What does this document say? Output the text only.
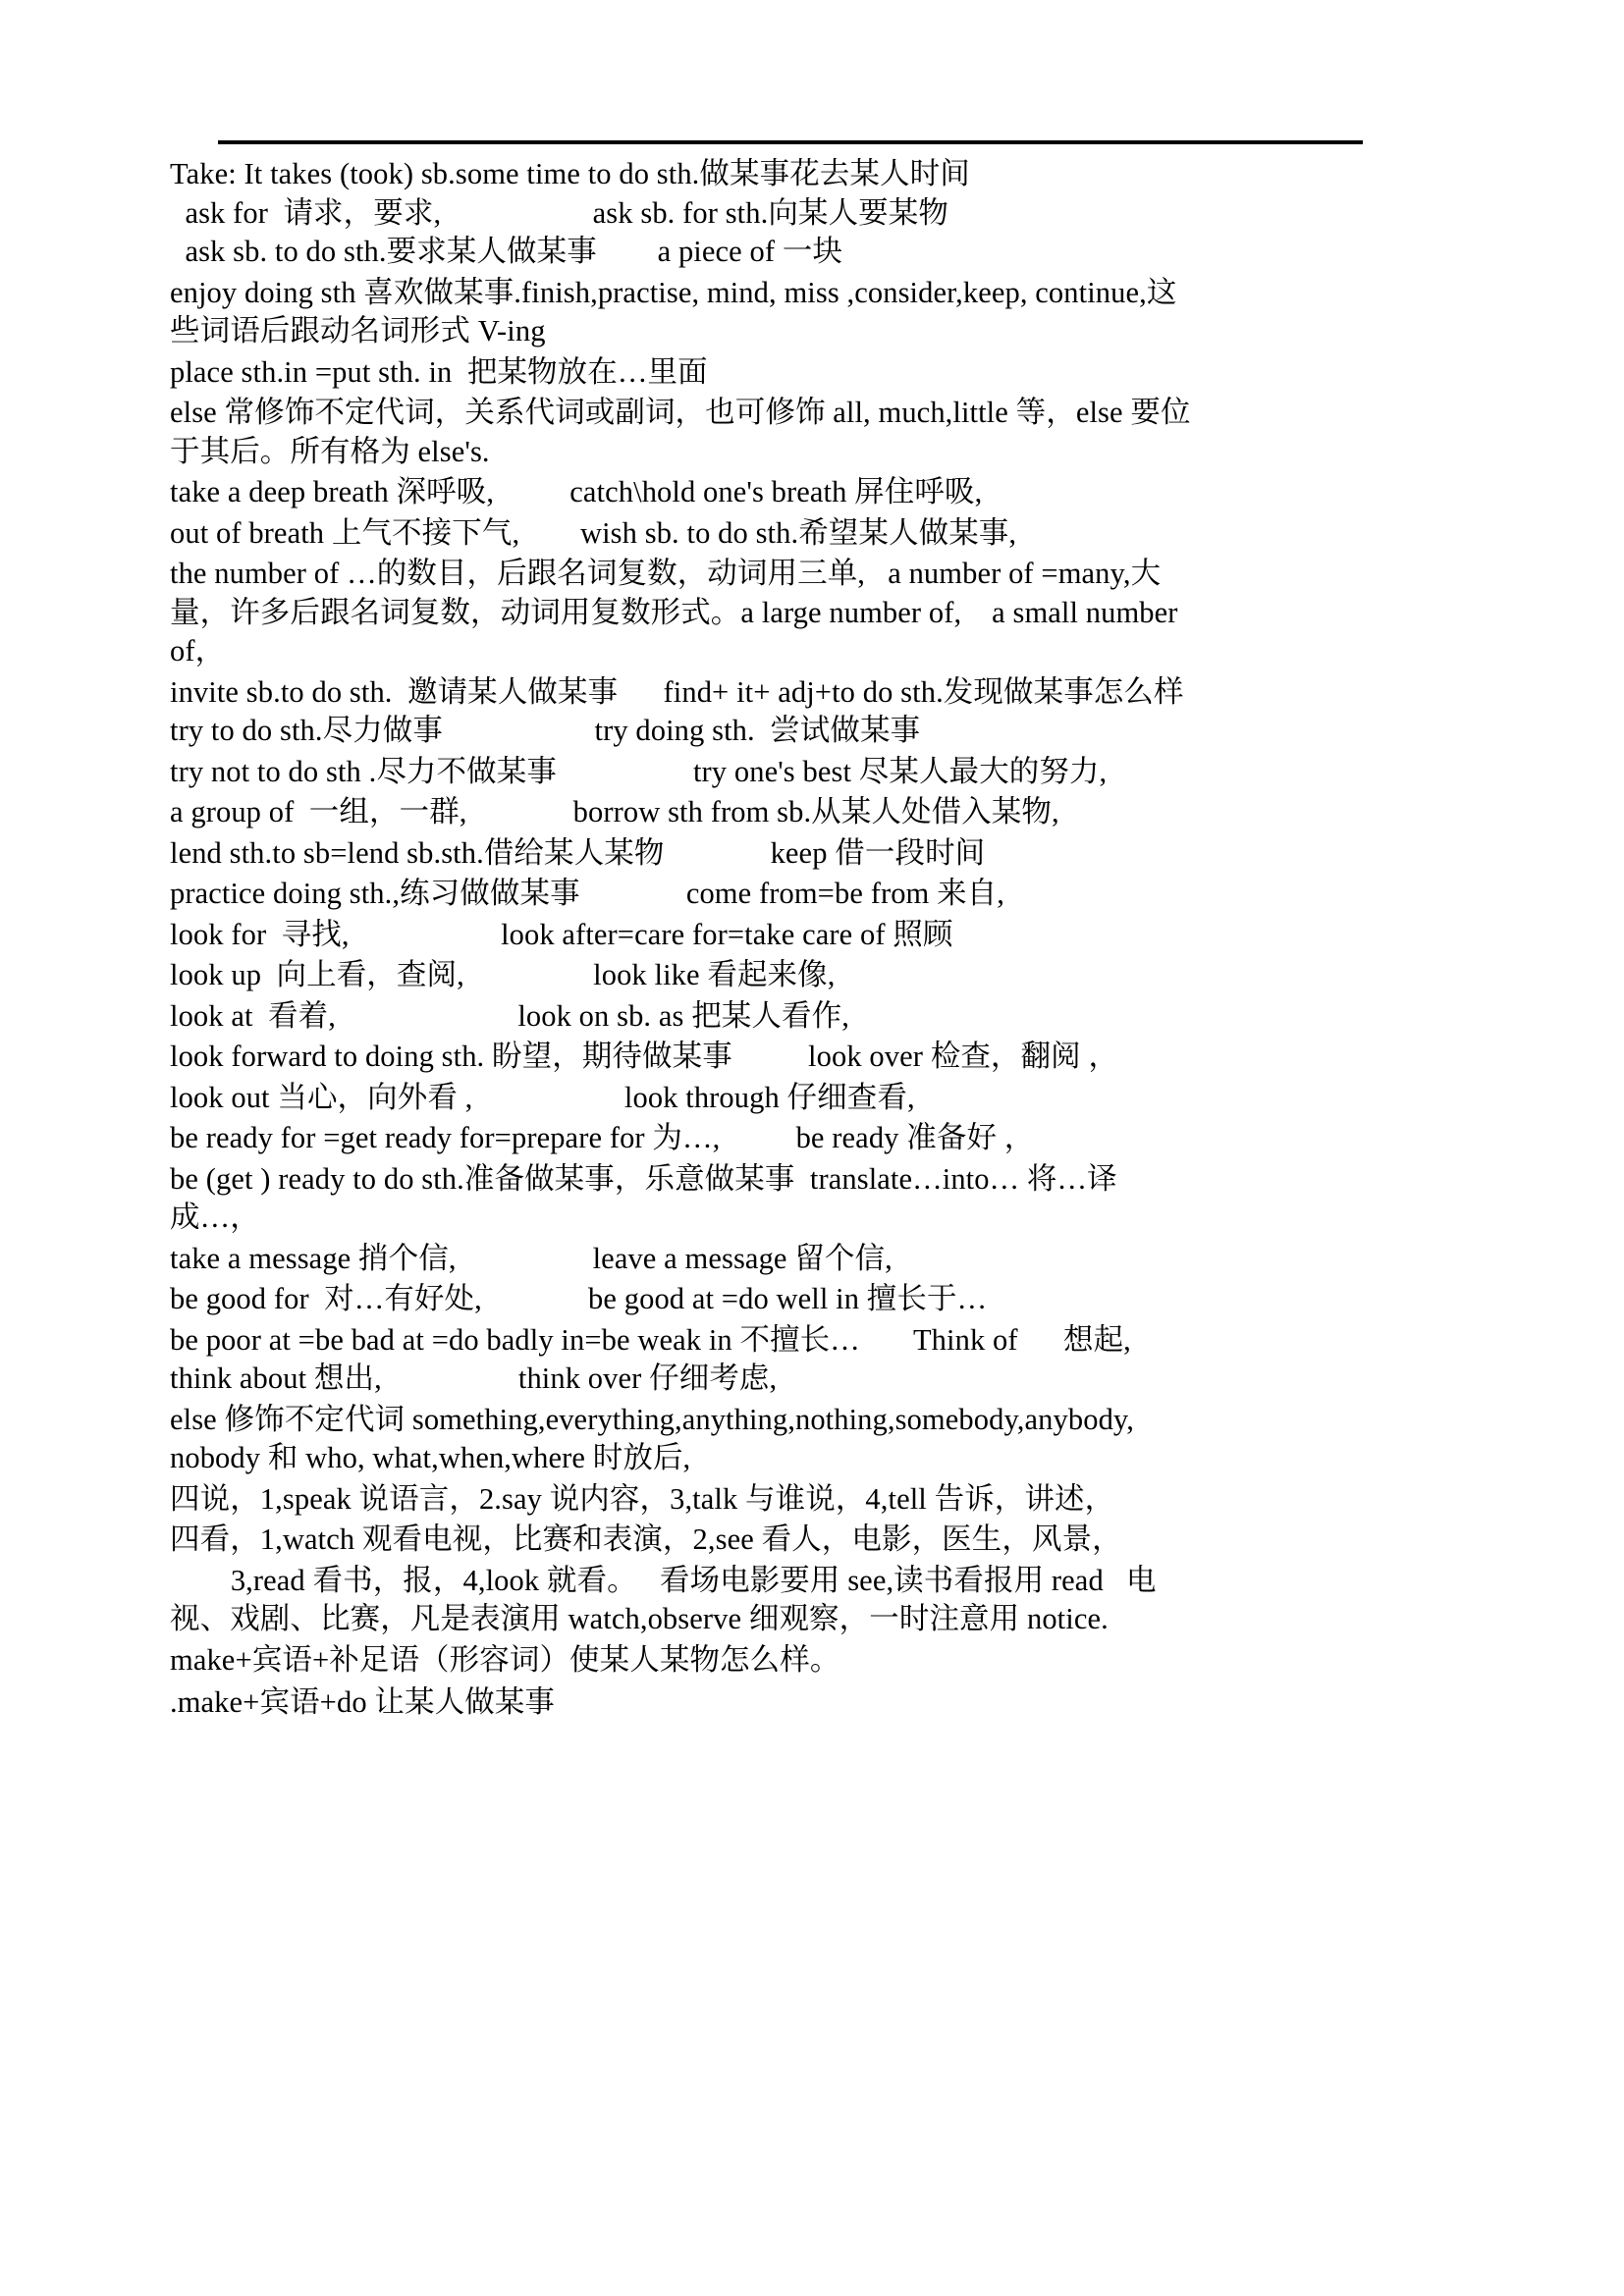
Take: It takes (took) sb.some time to do sth.做某事花去某人时间
ask for  请求，要求,                    ask sb. for sth.向某人要某物
ask sb. to do sth.要求某人做某事        a piece of 一块
enjoy doing sth 喜欢做某事.finish,practise, mind, miss ,consider,keep, continue,这
些词语后跟动名词形式 V-ing
place sth.in =put sth. in  把某物放在…里面
else 常修饰不定代词，关系代词或副词，也可修饰 all, much,little 等，else 要位
于其后。所有格为 else's.
take a deep breath 深呼吸,          catch\hold one's breath 屏住呼吸,
out of breath 上气不接下气,        wish sb. to do sth.希望某人做某事,
the number of …的数目，后跟名词复数，动词用三单,   a number of =many,大
量，许多后跟名词复数，动词用复数形式。a large number of,    a small number
of，
invite sb.to do sth.  邀请某人做某事      find+ it+ adj+to do sth.发现做某事怎么样
try to do sth.尽力做事                    try doing sth.  尝试做某事
try not to do sth .尽力不做某事                  try one's best 尽某人最大的努力,
a group of  一组，一群,              borrow sth from sb.从某人处借入某物,
lend sth.to sb=lend sb.sth.借给某人某物              keep 借一段时间
practice doing sth.,练习做做某事              come from=be from 来自,
look for  寻找,                    look after=care for=take care of 照顾
look up  向上看，查阅,                 look like 看起来像,
look at  看着,                        look on sb. as 把某人看作,
look forward to doing sth. 盼望，期待做某事          look over 检查，翻阅 ，
look out 当心，向外看 ,                    look through 仔细查看,
be ready for =get ready for=prepare for 为…,          be ready 准备好 ，
be (get ) ready to do sth.准备做某事，乐意做某事  translate…into… 将…译
成…，
take a message 捎个信,                  leave a message 留个信,
be good for  对…有好处,              be good at =do well in 擅长于…
be poor at =be bad at =do badly in=be weak in 不擅长…       Think of      想起,
think about 想出,                  think over 仔细考虑,
else 修饰不定代词 something,everything,anything,nothing,somebody,anybody,
nobody 和 who, what,when,where 时放后,
四说，1,speak 说语言，2.say 说内容，3,talk 与谁说，4,tell 告诉，讲述，
四看，1,watch 观看电视，比赛和表演，2,see 看人，电影，医生，风景，
3,read 看书，报，4,look 就看。   看场电影要用 see,读书看报用 read   电
视、戏剧、比赛，凡是表演用 watch,observe 细观察，一时注意用 notice.
make+宾语+补足语（形容词）使某人某物怎么样。
.make+宾语+do 让某人做某事
